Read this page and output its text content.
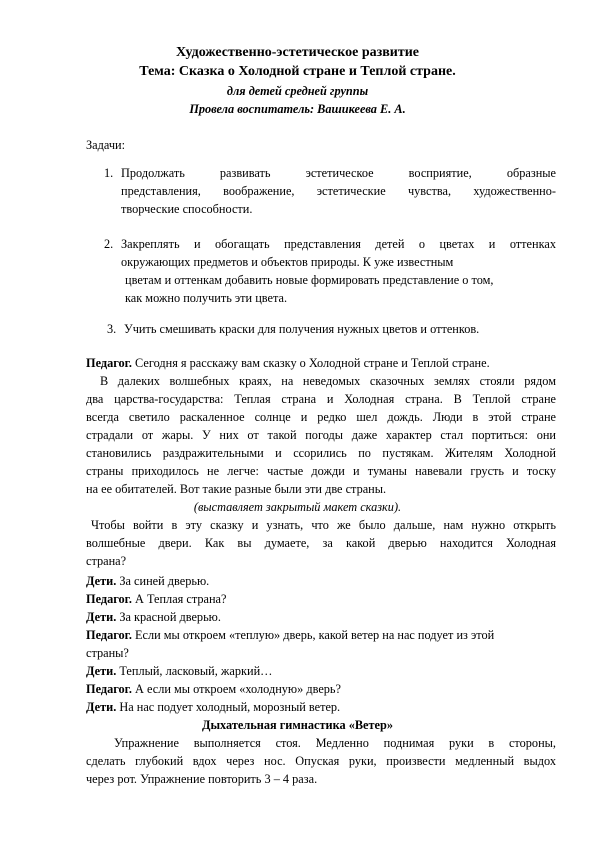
Художественно-эстетическое развитие
Тема: Сказка о Холодной стране и Теплой стране.
для детей средней группы
Провела воспитатель: Вашикеева Е. А.
Задачи:
1. Продолжать развивать эстетическое восприятие, образные
представления, воображение, эстетические чувства, художественно-
творческие способности.
2. Закреплять и обогащать представления детей о цветах и оттенках
окружающих предметов и объектов природы. К уже известным
цветам и оттенкам добавить новые формировать представление о том,
как можно получить эти цвета.
3. Учить смешивать краски для получения нужных цветов и оттенков.
Педагог. Сегодня я расскажу вам сказку о Холодной стране и Теплой стране.
В далеких волшебных краях, на неведомых сказочных землях стояли рядом
два царства-государства: Теплая страна и Холодная страна. В Теплой стране
всегда светило раскаленное солнце и редко шел дождь. Люди в этой стране
страдали от жары. У них от такой погоды даже характер стал портиться: они
становились раздражительными и ссорились по пустякам. Жителям Холодной
страны приходилось не легче: частые дожди и туманы навевали грусть и тоску
на ее обитателей. Вот такие разные были эти две страны.
(выставляет закрытый макет сказки).
Чтобы войти в эту сказку и узнать, что же было дальше, нам нужно открыть
волшебные двери. Как вы думаете, за какой дверью находится Холодная
страна?
Дети. За синей дверью.
Педагог. А Теплая страна?
Дети. За красной дверью.
Педагог. Если мы откроем «теплую» дверь, какой ветер на нас подует из этой
страны?
Дети. Теплый, ласковый, жаркий…
Педагог. А если мы откроем «холодную» дверь?
Дети. На нас подует холодный, морозный ветер.
Дыхательная гимнастика «Ветер»
Упражнение выполняется стоя. Медленно поднимая руки в стороны,
сделать глубокий вдох через нос. Опуская руки, произвести медленный выдох
через рот. Упражнение повторить 3 – 4 раза.
